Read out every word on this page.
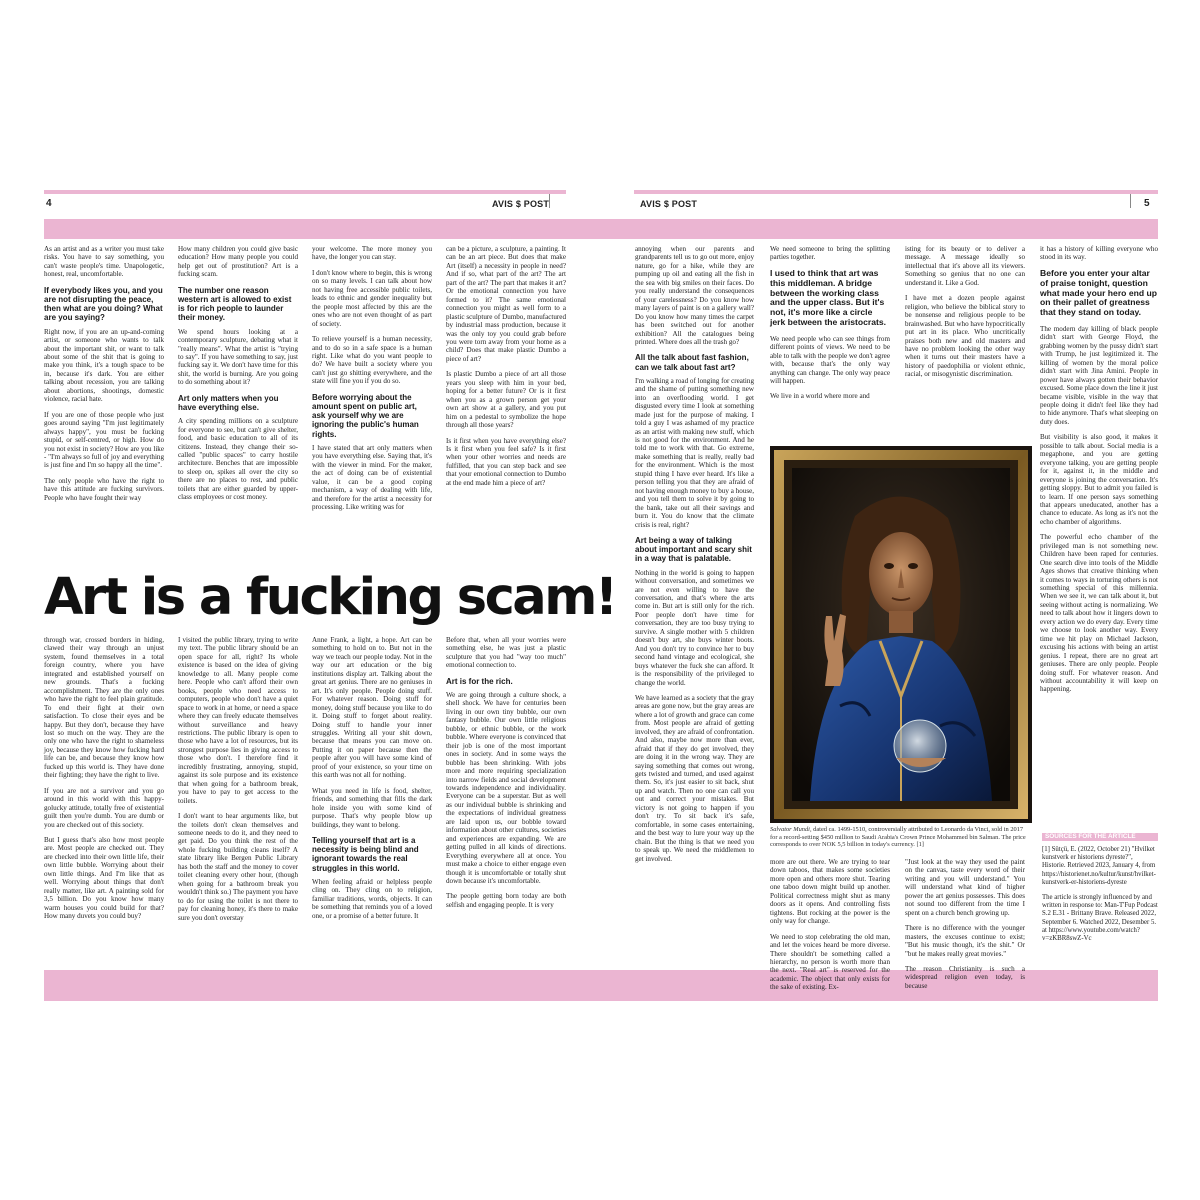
4	AVIS $ POST

As an artist and as a writer you must take risks. You have to say something, you can't waste people's time. Unapologetic, honest, real, uncomfortable.

If everybody likes you, and you are not disrupting the peace, then what are you doing? What are you saying?

Right now, if you are an up-and-coming artist, or someone who wants to talk about the important shit, or want to talk about some of the shit that is going to make you think, it's a tough space to be in, because it's dark. You are either talking about recession, you are talking about abortions, shootings, domestic violence, racial hate.

If you are one of those people who just goes around saying "I'm just legitimately always happy", you must be fucking stupid, or self-centred, or high. How do you not exist in society? How are you like - "I'm always so full of joy and everything is just fine and I'm so happy all the time".

The only people who have the right to have this attitude are fucking survivors. People who have fought their way

How many children you could give basic education? How many people you could help get out of prostitution? Art is a fucking scam.

The number one reason western art is allowed to exist is for rich people to launder their money.

We spend hours looking at a contemporary sculpture, debating what it "really means". What the artist is "trying to say". If you have something to say, just fucking say it. We don't have time for this shit, the world is burning. Are you going to do something about it?

Art only matters when you have everything else.

A city spending millions on a sculpture for everyone to see, but can't give shelter, food, and basic education to all of its citizens. Instead, they change their so-called "public spaces" to carry hostile architecture. Benches that are impossible to sleep on, spikes all over the city so there are no places to rest, and public toilets that are either guarded by upper-class employees or cost money.

your welcome. The more money you have, the longer you can stay.

I don't know where to begin, this is wrong on so many levels. I can talk about how not having free accessible public toilets, leads to ethnic and gender inequality but the people most affected by this are the ones who are not even thought of as part of society.

To relieve yourself is a human necessity, and to do so in a safe space is a human right. Like what do you want people to do? We have built a society where you can't just go shitting everywhere, and the state will fine you if you do so.

Before worrying about the amount spent on public art, ask yourself why we are ignoring the public's human rights.

I have stated that art only matters when you have everything else. Saying that, it's with the viewer in mind. For the maker, the act of doing can be of existential value, it can be a good coping mechanism, a way of dealing with life, and therefore for the artist a necessity for processing. Like writing was for

can be a picture, a sculpture, a painting. It can be an art piece. But does that make Art (itself) a necessity in people in need? And if so, what part of the art? The art part of the art? The part that makes it art? Or the emotional connection you have formed to it? The same emotional connection you might as well form to a plastic sculpture of Dumbo, manufactured by industrial mass production, because it was the only toy you could grab before you were torn away from your home as a child? Does that make plastic Dumbo a piece of art?

Is plastic Dumbo a piece of art all those years you sleep with him in your bed, hoping for a better future? Or is it first when you as a grown person get your own art show at a gallery, and you put him on a pedestal to symbolize the hope through all those years?

Is it first when you have everything else? Is it first when you feel safe? Is it first when your other worries and needs are fulfilled, that you can step back and see that your emotional connection to Dumbo at the end made him a piece of art?

Art is a fucking scam!

through war, crossed borders in hiding, clawed their way through an unjust system, found themselves in a total foreign country, where you have integrated and established yourself on new grounds. That's a fucking accomplishment. They are the only ones who have the right to feel plain gratitude. To end their fight at their own satisfaction. To close their eyes and be happy. But they don't, because they have lost so much on the way. They are the only one who have the right to shameless joy, because they know how fucking hard life can be, and because they know how fucked up this world is. They have done their fighting; they have the right to live.

If you are not a survivor and you go around in this world with this happy-golucky attitude, totally free of existential guilt then you're dumb. You are dumb or you are checked out of this society.

But I guess that's also how most people are. Most people are checked out. They are checked into their own little life, their own little bubble. Worrying about their own little things. And I'm like that as well. Worrying about things that don't really matter, like art. A painting sold for 3,5 billion. Do you know how many warm houses you could build for that? How many duvets you could buy?

I visited the public library, trying to write my text. The public library should be an open space for all, right? Its whole existence is based on the idea of giving knowledge to all. Many people come here. People who can't afford their own books, people who need access to computers, people who don't have a quiet space to work in at home, or need a space where they can freely educate themselves without surveillance and heavy restrictions. The public library is open to those who have a lot of resources, but its strongest purpose lies in giving access to those who don't. I therefore find it incredibly frustrating, annoying, stupid, against its sole purpose and its existence that when going for a bathroom break, you have to pay to get access to the toilets.

I don't want to hear arguments like, but the toilets don't clean themselves and someone needs to do it, and they need to get paid. Do you think the rest of the whole fucking building cleans itself? A state library like Bergen Public Library has both the staff and the money to cover toilet cleaning every other hour, (though when going for a bathroom break you wouldn't think so.) The payment you have to do for using the toilet is not there to pay for cleaning honey, it's there to make sure you don't overstay

Anne Frank, a light, a hope. Art can be something to hold on to. But not in the way we teach our people today. Not in the way our art education or the big institutions display art. Talking about the great art genius. There are no geniuses in art. It's only people. People doing stuff. For whatever reason. Doing stuff for money, doing stuff because you like to do it. Doing stuff to forget about reality. Doing stuff to handle your inner struggles. Writing all your shit down, because that means you can move on. Putting it on paper because then the people after you will have some kind of proof of your existence, so your time on this earth was not all for nothing.

What you need in life is food, shelter, friends, and something that fills the dark hole inside you with some kind of purpose. That's why people blow up buildings, they want to belong.

Telling yourself that art is a necessity is being blind and ignorant towards the real struggles in this world.

When feeling afraid or helpless people cling on. They cling on to religion, familiar traditions, words, objects. It can be something that reminds you of a loved one, or a promise of a better future. It

Before that, when all your worries were something else, he was just a plastic sculpture that you had "way too much" emotional connection to.

Art is for the rich.

We are going through a culture shock, a shell shock. We have for centuries been living in our own tiny bubble, our own fantasy bubble. Our own little religious bubble, or ethnic bubble, or the work bubble. Where everyone is convinced that their job is one of the most important ones in society. And in some ways the bubble has been shrinking. With jobs more and more requiring specialization into narrow fields and social development towards independence and individuality. Everyone can be a superstar. But as well as our individual bubble is shrinking and the expectations of individual greatness are laid upon us, our bobble toward information about other cultures, societies and experiences are expanding. We are getting pulled in all kinds of directions. Everything everywhere all at once. You must make a choice to either engage even though it is uncomfortable or totally shut down because it's uncomfortable.

The people getting born today are both selfish and engaging people. It is very

AVIS $ POST	5

annoying when our parents and grandparents tell us to go out more, enjoy nature, go for a hike, while they are pumping up oil and eating all the fish in the sea with big smiles on their faces. Do you really understand the consequences of your carelessness? Do you know how many layers of paint is on a gallery wall? Do you know how many times the carpet has been switched out for another exhibition? All the catalogues being printed. Where does all the trash go?

All the talk about fast fashion, can we talk about fast art?

I'm walking a road of longing for creating and the shame of putting something new into an overflooding world. I get disgusted every time I look at something made just for the purpose of making. I told a guy I was ashamed of my practice as an artist with making new stuff, which is not good for the environment. And he told me to work with that. Go extreme, make something that is really, really bad for the environment. Which is the most stupid thing I have ever heard. It's like a person telling you that they are afraid of not having enough money to buy a house, and you tell them to solve it by going to the bank, take out all their savings and burn it. You do know that the climate crisis is real, right?

Art being a way of talking about important and scary shit in a way that is palatable.

Nothing in the world is going to happen without conversation, and sometimes we are not even willing to have the conversation, and that's where the arts come in. But art is still only for the rich. Poor people don't have time for conversation, they are too busy trying to survive. A single mother with 5 children doesn't buy art, she buys winter boots. And you don't try to convince her to buy second hand vintage and ecological, she buys whatever the fuck she can afford. It is the responsibility of the privileged to change the world.

We have learned as a society that the gray areas are gone now, but the gray areas are where a lot of growth and grace can come from. Most people are afraid of getting involved, they are afraid of confrontation. And also, maybe now more than ever, afraid that if they do get involved, they are doing it in the wrong way. They are saying something that comes out wrong, gets twisted and turned, and used against them. So, it's just easier to sit back, shut up and watch. Then no one can call you out and correct your mistakes. But victory is not going to happen if you don't try. To sit back it's safe, comfortable, in some cases entertaining, and the best way to lure your way up the chain. But the thing is that we need you to speak up. We need the middlemen to get involved.

We need someone to bring the splitting parties together.

I used to think that art was this middleman. A bridge between the working class and the upper class. But it's not, it's more like a circle jerk between the aristocrats.

We need people who can see things from different points of views. We need to be able to talk with the people we don't agree with, because that's the only way anything can change. The only way peace will happen.

We live in a world where more and

isting for its beauty or to deliver a message. A message ideally so intellectual that it's above all its viewers. Something so genius that no one can understand it. Like a God.

I have met a dozen people against religion, who believe the biblical story to be nonsense and religious people to be brainwashed. But who have hypocritically put art in its place. Who uncritically praises both new and old masters and have no problem looking the other way when it turns out their masters have a history of paedophilia or violent ethnic, racial, or misogynistic discrimination.

it has a history of killing everyone who stood in its way.

Before you enter your altar of praise tonight, question what made your hero end up on their pallet of greatness that they stand on today.

The modern day killing of black people didn't start with George Floyd, the grabbing women by the pussy didn't start with Trump, he just legitimized it. The killing of women by the moral police didn't start with Jina Amini. People in power have always gotten their behavior excused. Some place down the line it just became visible, visible in the way that people doing it didn't feel like they had to hide anymore. That's what sleeping on duty does.

But visibility is also good, it makes it possible to talk about. Social media is a megaphone, and you are getting everyone talking, you are getting people for it, against it, in the middle and everyone is joining the conversation. It's getting sloppy. But to admit you failed is to learn. If one person says something that appears uneducated, another has a chance to educate. As long as it's not the echo chamber of algorithms.

The powerful echo chamber of the privileged man is not something new. Children have been raped for centuries. One search dive into tools of the Middle Ages shows that creative thinking when it comes to ways in torturing others is not something special of this millennia. When we see it, we can talk about it, but seeing without acting is normalizing. We need to talk about how it lingers down to every action we do every day. Every time we choose to look another way. Every time we hit play on Michael Jackson, excusing his actions with being an artist genius. I repeat, there are no great art geniuses. There are only people. People doing stuff. For whatever reason. And without accountability it will keep on happening.

more are out there. We are trying to tear down taboos, that makes some societies more open and others more shut. Tearing one taboo down might build up another. Political correctness might shut as many doors as it opens. And controlling fists tightens. But rocking at the power is the only way for change.

We need to stop celebrating the old man, and let the voices heard be more diverse. There shouldn't be something called a hierarchy, no person is worth more than the next. "Real art" is reserved for the academic. The object that only exists for the sake of existing. Ex-

"Just look at the way they used the paint on the canvas, taste every word of their writing and you will understand." You will understand what kind of higher power the art genius possesses. This does not sound too different from the time I spent on a church bench growing up.

There is no difference with the younger masters, the excuses continue to exist; "But his music though, it's the shit." Or "but he makes really great movies."

The reason Christianity is such a widespread religion even today, is because

[1] Sütçü, E. (2022, October 21) "Hvilket kunstverk er historiens dyreste?", Historie. Retrieved 2023, January 4, from https://historienet.no/kultur/kunst/hvilket-kunstverk-er-historiens-dyreste

The article is strongly influenced by and written in response to: Man-T'Fup Podcast S.2 E.31 - Brittany Brave. Released 2022, September 6. Watched 2022, Desember 5. at https://www.youtube.com/watch?v=zKBR8swZ-Vc

SOURCES FOR THE ARTICLE
Salvator Mundi, dated ca. 1499-1510, controversially attributed to Leonardo da Vinci, sold in 2017 for a record-setting $450 million to Saudi Arabia's Crown Prince Mohammed bin Salman. The price corresponds to over NOK 5,5 billion in today's currency. [1]
